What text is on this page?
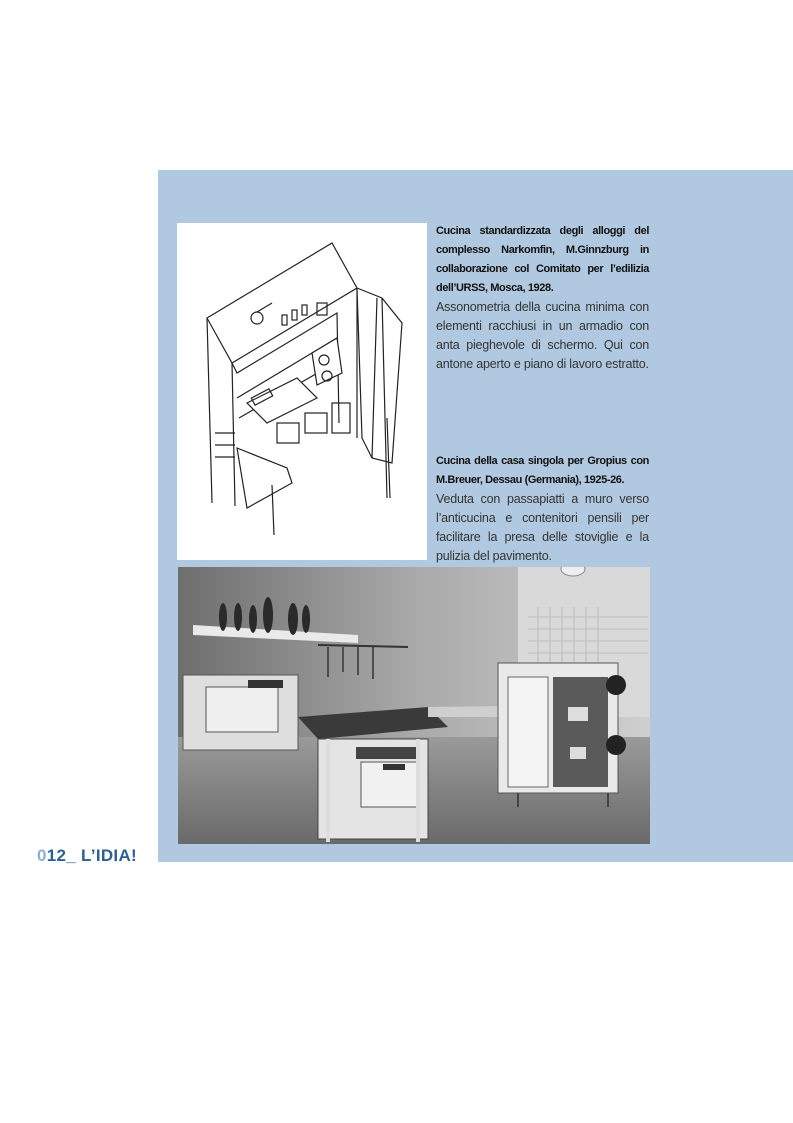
Cucina standardizzata degli alloggi del complesso Narkomfin, M.Ginnzburg in collaborazione col Comitato per l’edilizia dell’URSS, Mosca, 1928.
Assonometria della cucina minima con elementi racchiusi in un armadio con anta pieghevole di schermo. Qui con antone aperto e piano di lavoro estratto.
Cucina della casa singola per Gropius con M.Breuer, Dessau (Germania), 1925-26.
Veduta con passapiatti a muro verso l’anticucina e contenitori pensili per facilitare la presa delle stoviglie e la pulizia del pavimento.
012_ L’IDIA!
